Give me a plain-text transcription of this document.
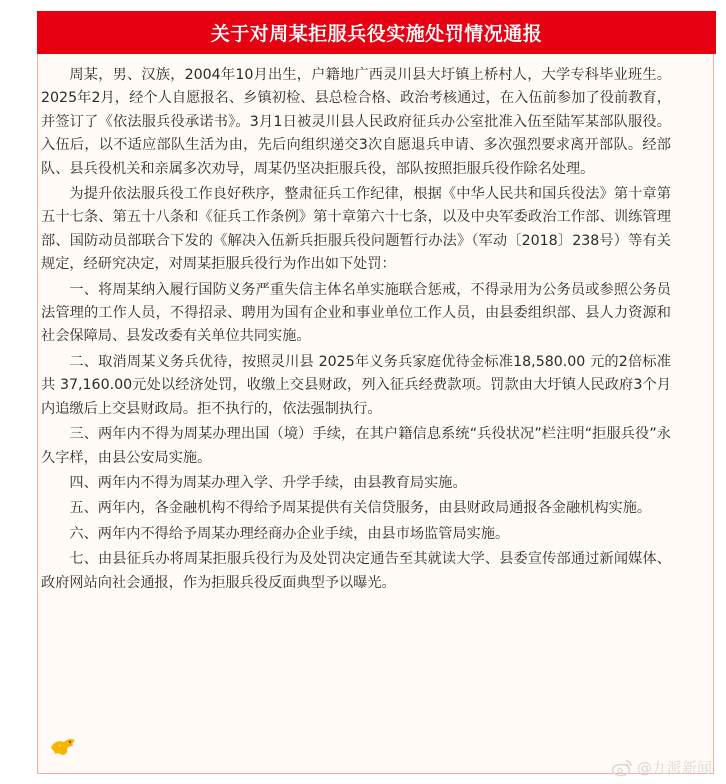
关于对周某拒服兵役实施处罚情况通报

周某，男、汉族，2004年10月出生，户籍地广西灵川县大圩镇上桥村人，大学专科毕业班生。2025年2月，经个人自愿报名、乡镇初检、县总检合格、政治考核通过，在入伍前参加了役前教育，并签订了《依法服兵役承诺书》。3月1日被灵川县人民政府征兵办公室批准入伍至陆军某部队服役。入伍后，以不适应部队生活为由，先后向组织递交3次自愿退兵申请、多次强烈要求离开部队。经部队、县兵役机关和亲属多次劝导，周某仍坚决拒服兵役，部队按照拒服兵役作除名处理。

为提升依法服兵役工作良好秩序，整肃征兵工作纪律，根据《中华人民共和国兵役法》第十章第五十七条、第五十八条和《征兵工作条例》第十章第六十七条，以及中央军委政治工作部、训练管理部、国防动员部联合下发的《解决入伍新兵拒服兵役问题暂行办法》（军动〔2018〕238号）等有关规定，经研究决定，对周某拒服兵役行为作出如下处罚：

一、将周某纳入履行国防义务严重失信主体名单实施联合惩戒，不得录用为公务员或参照公务员法管理的工作人员，不得招录、聘用为国有企业和事业单位工作人员，由县委组织部、县人力资源和社会保障局、县发改委有关单位共同实施。

二、取消周某义务兵优待，按照灵川县 2025年义务兵家庭优待金标准18,580.00 元的2倍标准共 37,160.00元处以经济处罚，收缴上交县财政，列入征兵经费款项。罚款由大圩镇人民政府3个月内追缴后上交县财政局。拒不执行的，依法强制执行。

三、两年内不得为周某办理出国（境）手续，在其户籍信息系统“兵役状况”栏注明“拒服兵役”永久字样，由县公安局实施。

四、两年内不得为周某办理入学、升学手续，由县教育局实施。

五、两年内，各金融机构不得给予周某提供有关信贷服务，由县财政局通报各金融机构实施。

六、两年内不得给予周某办理经商办企业手续，由县市场监管局实施。

七、由县征兵办将周某拒服兵役行为及处罚决定通告至其就读大学、县委宣传部通过新闻媒体、政府网站向社会通报，作为拒服兵役反面典型予以曝光。

@九派新闻
